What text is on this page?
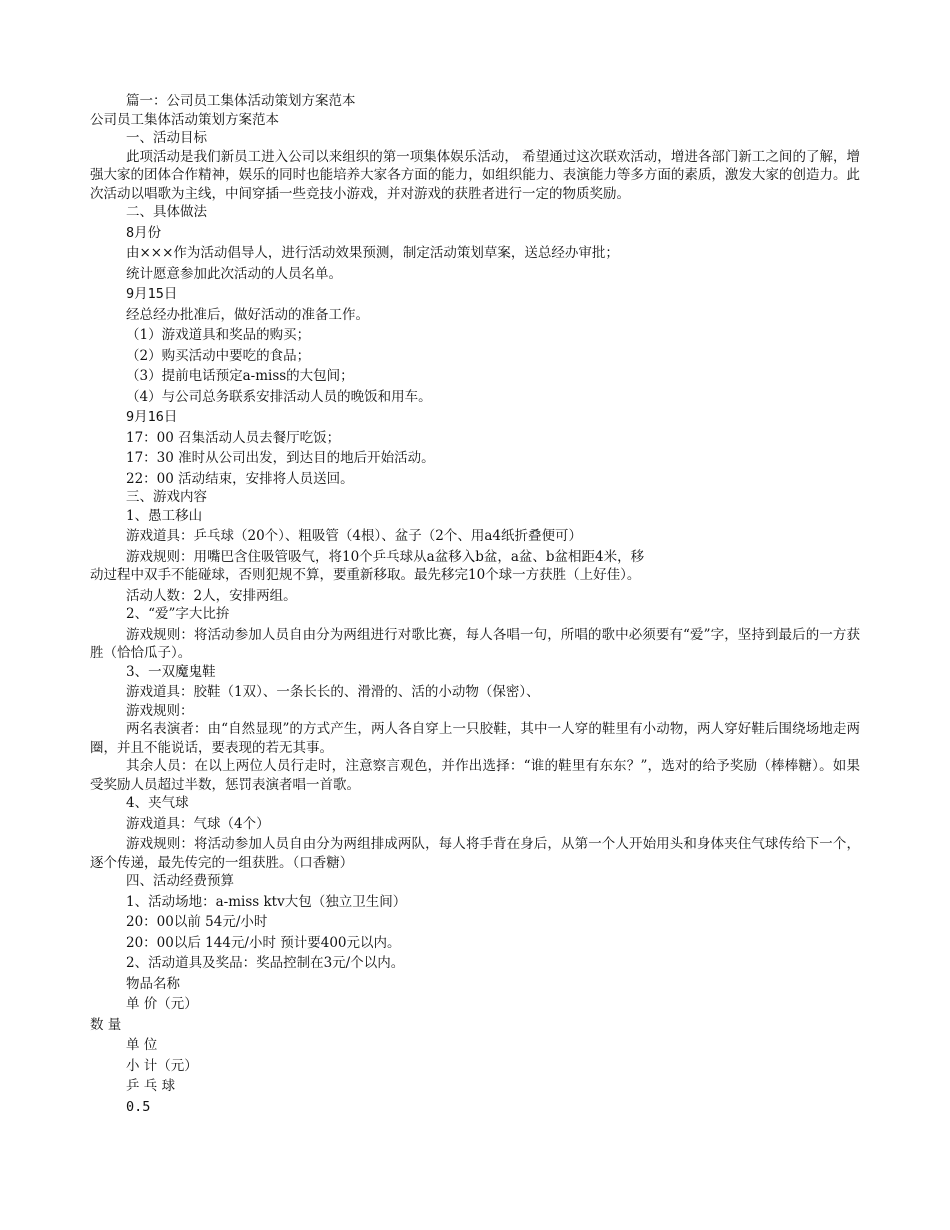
篇一：公司员工集体活动策划方案范本
公司员工集体活动策划方案范本
一、活动目标
此项活动是我们新员工进入公司以来组织的第一项集体娱乐活动， 希望通过这次联欢活动，增进各部门新工之间的了解，增强大家的团体合作精神，娱乐的同时也能培养大家各方面的能力，如组织能力、表演能力等多方面的素质，激发大家的创造力。此次活动以唱歌为主线，中间穿插一些竞技小游戏，并对游戏的获胜者进行一定的物质奖励。
二、具体做法
8月份
由×××作为活动倡导人，进行活动效果预测，制定活动策划草案，送总经办审批；
统计愿意参加此次活动的人员名单。
9月15日
经总经办批准后，做好活动的准备工作。
（1）游戏道具和奖品的购买；
（2）购买活动中要吃的食品；
（3）提前电话预定a-miss的大包间；
（4）与公司总务联系安排活动人员的晚饭和用车。
9月16日
17：00 召集活动人员去餐厅吃饭；
17：30 准时从公司出发，到达目的地后开始活动。
22：00 活动结束，安排将人员送回。
三、游戏内容
1、愚工移山
游戏道具：乒乓球（20个）、粗吸管（4根）、盆子（2个、用a4纸折叠便可）
游戏规则：用嘴巴含住吸管吸气，将10个乒乓球从a盆移入b盆，a盆、b盆相距4米，移
动过程中双手不能碰球，否则犯规不算，要重新移取。最先移完10个球一方获胜（上好佳）。
活动人数：2人，安排两组。
2、“爱”字大比拚
游戏规则：将活动参加人员自由分为两组进行对歌比赛，每人各唱一句，所唱的歌中必须要有“爱”字，坚持到最后的一方获胜（恰恰瓜子）。
3、一双魔鬼鞋
游戏道具：胶鞋（1双）、一条长长的、滑滑的、活的小动物（保密）、
游戏规则：
两名表演者：由“自然显现”的方式产生，两人各自穿上一只胶鞋，其中一人穿的鞋里有小动物，两人穿好鞋后围绕场地走两圈，并且不能说话，要表现的若无其事。
其余人员：在以上两位人员行走时，注意察言观色，并作出选择：“谁的鞋里有东东？”，选对的给予奖励（棒棒糖）。如果受奖励人员超过半数，惩罚表演者唱一首歌。
4、夹气球
游戏道具：气球（4个）
游戏规则：将活动参加人员自由分为两组排成两队，每人将手背在身后，从第一个人开始用头和身体夹住气球传给下一个，逐个传递，最先传完的一组获胜。（口香糖）
四、活动经费预算
1、活动场地：a-miss ktv大包（独立卫生间）
20：00以前 54元/小时
20：00以后 144元/小时 预计要400元以内。
2、活动道具及奖品：奖品控制在3元/个以内。
物品名称
单 价（元）
数 量
单 位
小 计（元）
乒 乓 球
0.5
